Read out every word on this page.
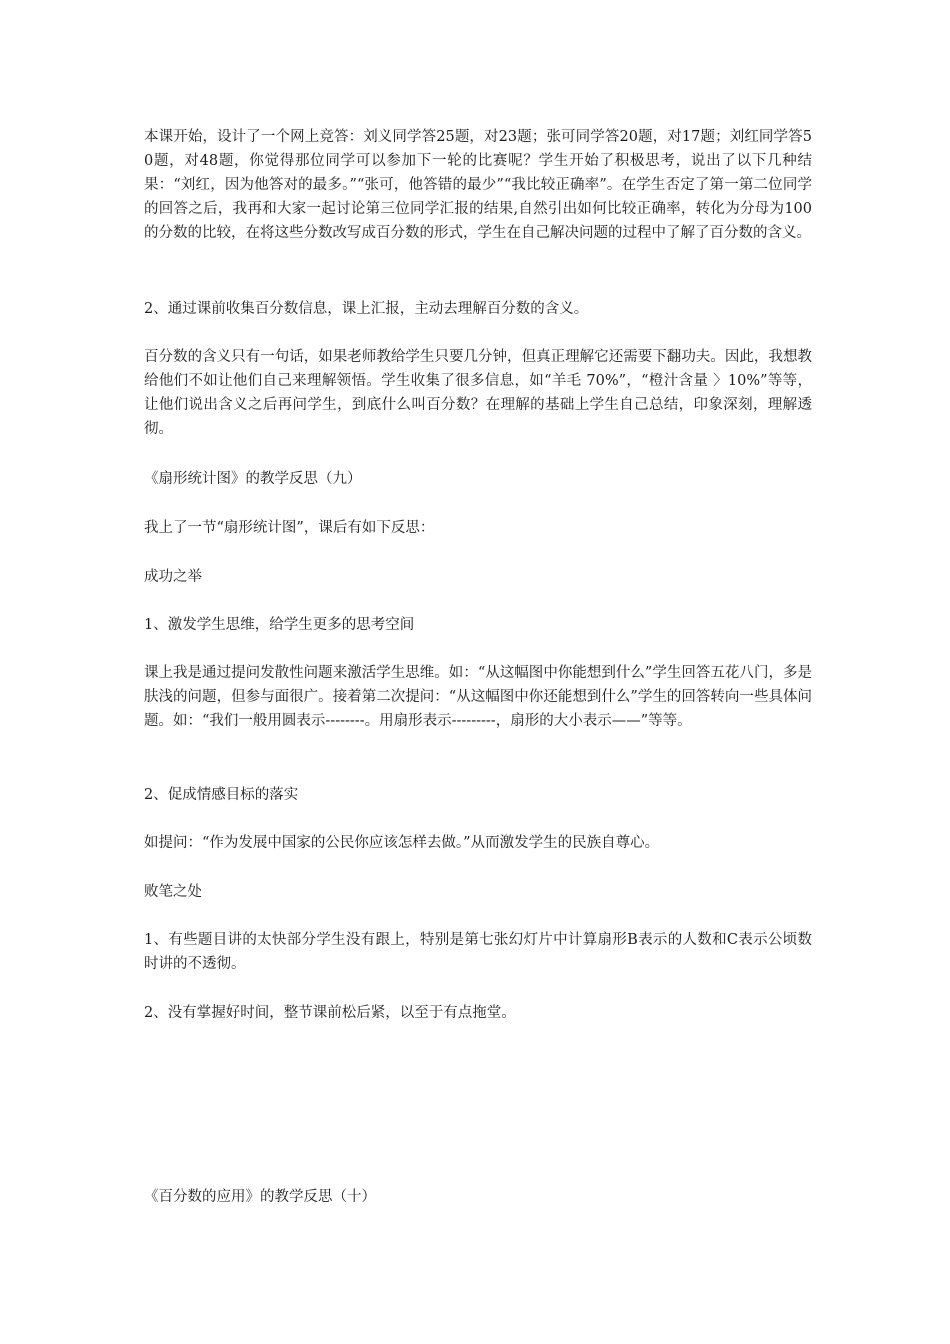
本课开始，设计了一个网上竞答：刘义同学答25题，对23题；张可同学答20题，对17题；刘红同学答50题，对48题，你觉得那位同学可以参加下一轮的比赛呢？学生开始了积极思考，说出了以下几种结果：“刘红，因为他答对的最多。”“张可，他答错的最少”“我比较正确率”。在学生否定了第一第二位同学的回答之后，我再和大家一起讨论第三位同学汇报的结果,自然引出如何比较正确率，转化为分母为100的分数的比较，在将这些分数改写成百分数的形式，学生在自己解决问题的过程中了解了百分数的含义。

2、通过课前收集百分数信息，课上汇报，主动去理解百分数的含义。

百分数的含义只有一句话，如果老师教给学生只要几分钟，但真正理解它还需要下翻功夫。因此，我想教给他们不如让他们自己来理解领悟。学生收集了很多信息，如“羊毛 70%”，“橙汁含量 〉10%”等等，让他们说出含义之后再问学生，到底什么叫百分数？在理解的基础上学生自己总结，印象深刻，理解透彻。

《扇形统计图》的教学反思（九）

我上了一节“扇形统计图”，课后有如下反思：

成功之举

1、激发学生思维，给学生更多的思考空间

课上我是通过提问发散性问题来激活学生思维。如：“从这幅图中你能想到什么”学生回答五花八门，多是肤浅的问题，但参与面很广。接着第二次提问：“从这幅图中你还能想到什么”学生的回答转向一些具体问题。如：“我们一般用圆表示--------。用扇形表示---------，扇形的大小表示——”等等。

2、促成情感目标的落实

如提问：“作为发展中国家的公民你应该怎样去做。”从而激发学生的民族自尊心。

败笔之处

1、有些题目讲的太快部分学生没有跟上，特别是第七张幻灯片中计算扇形B表示的人数和C表示公顷数时讲的不透彻。

2、没有掌握好时间，整节课前松后紧，以至于有点拖堂。

《百分数的应用》的教学反思（十）
